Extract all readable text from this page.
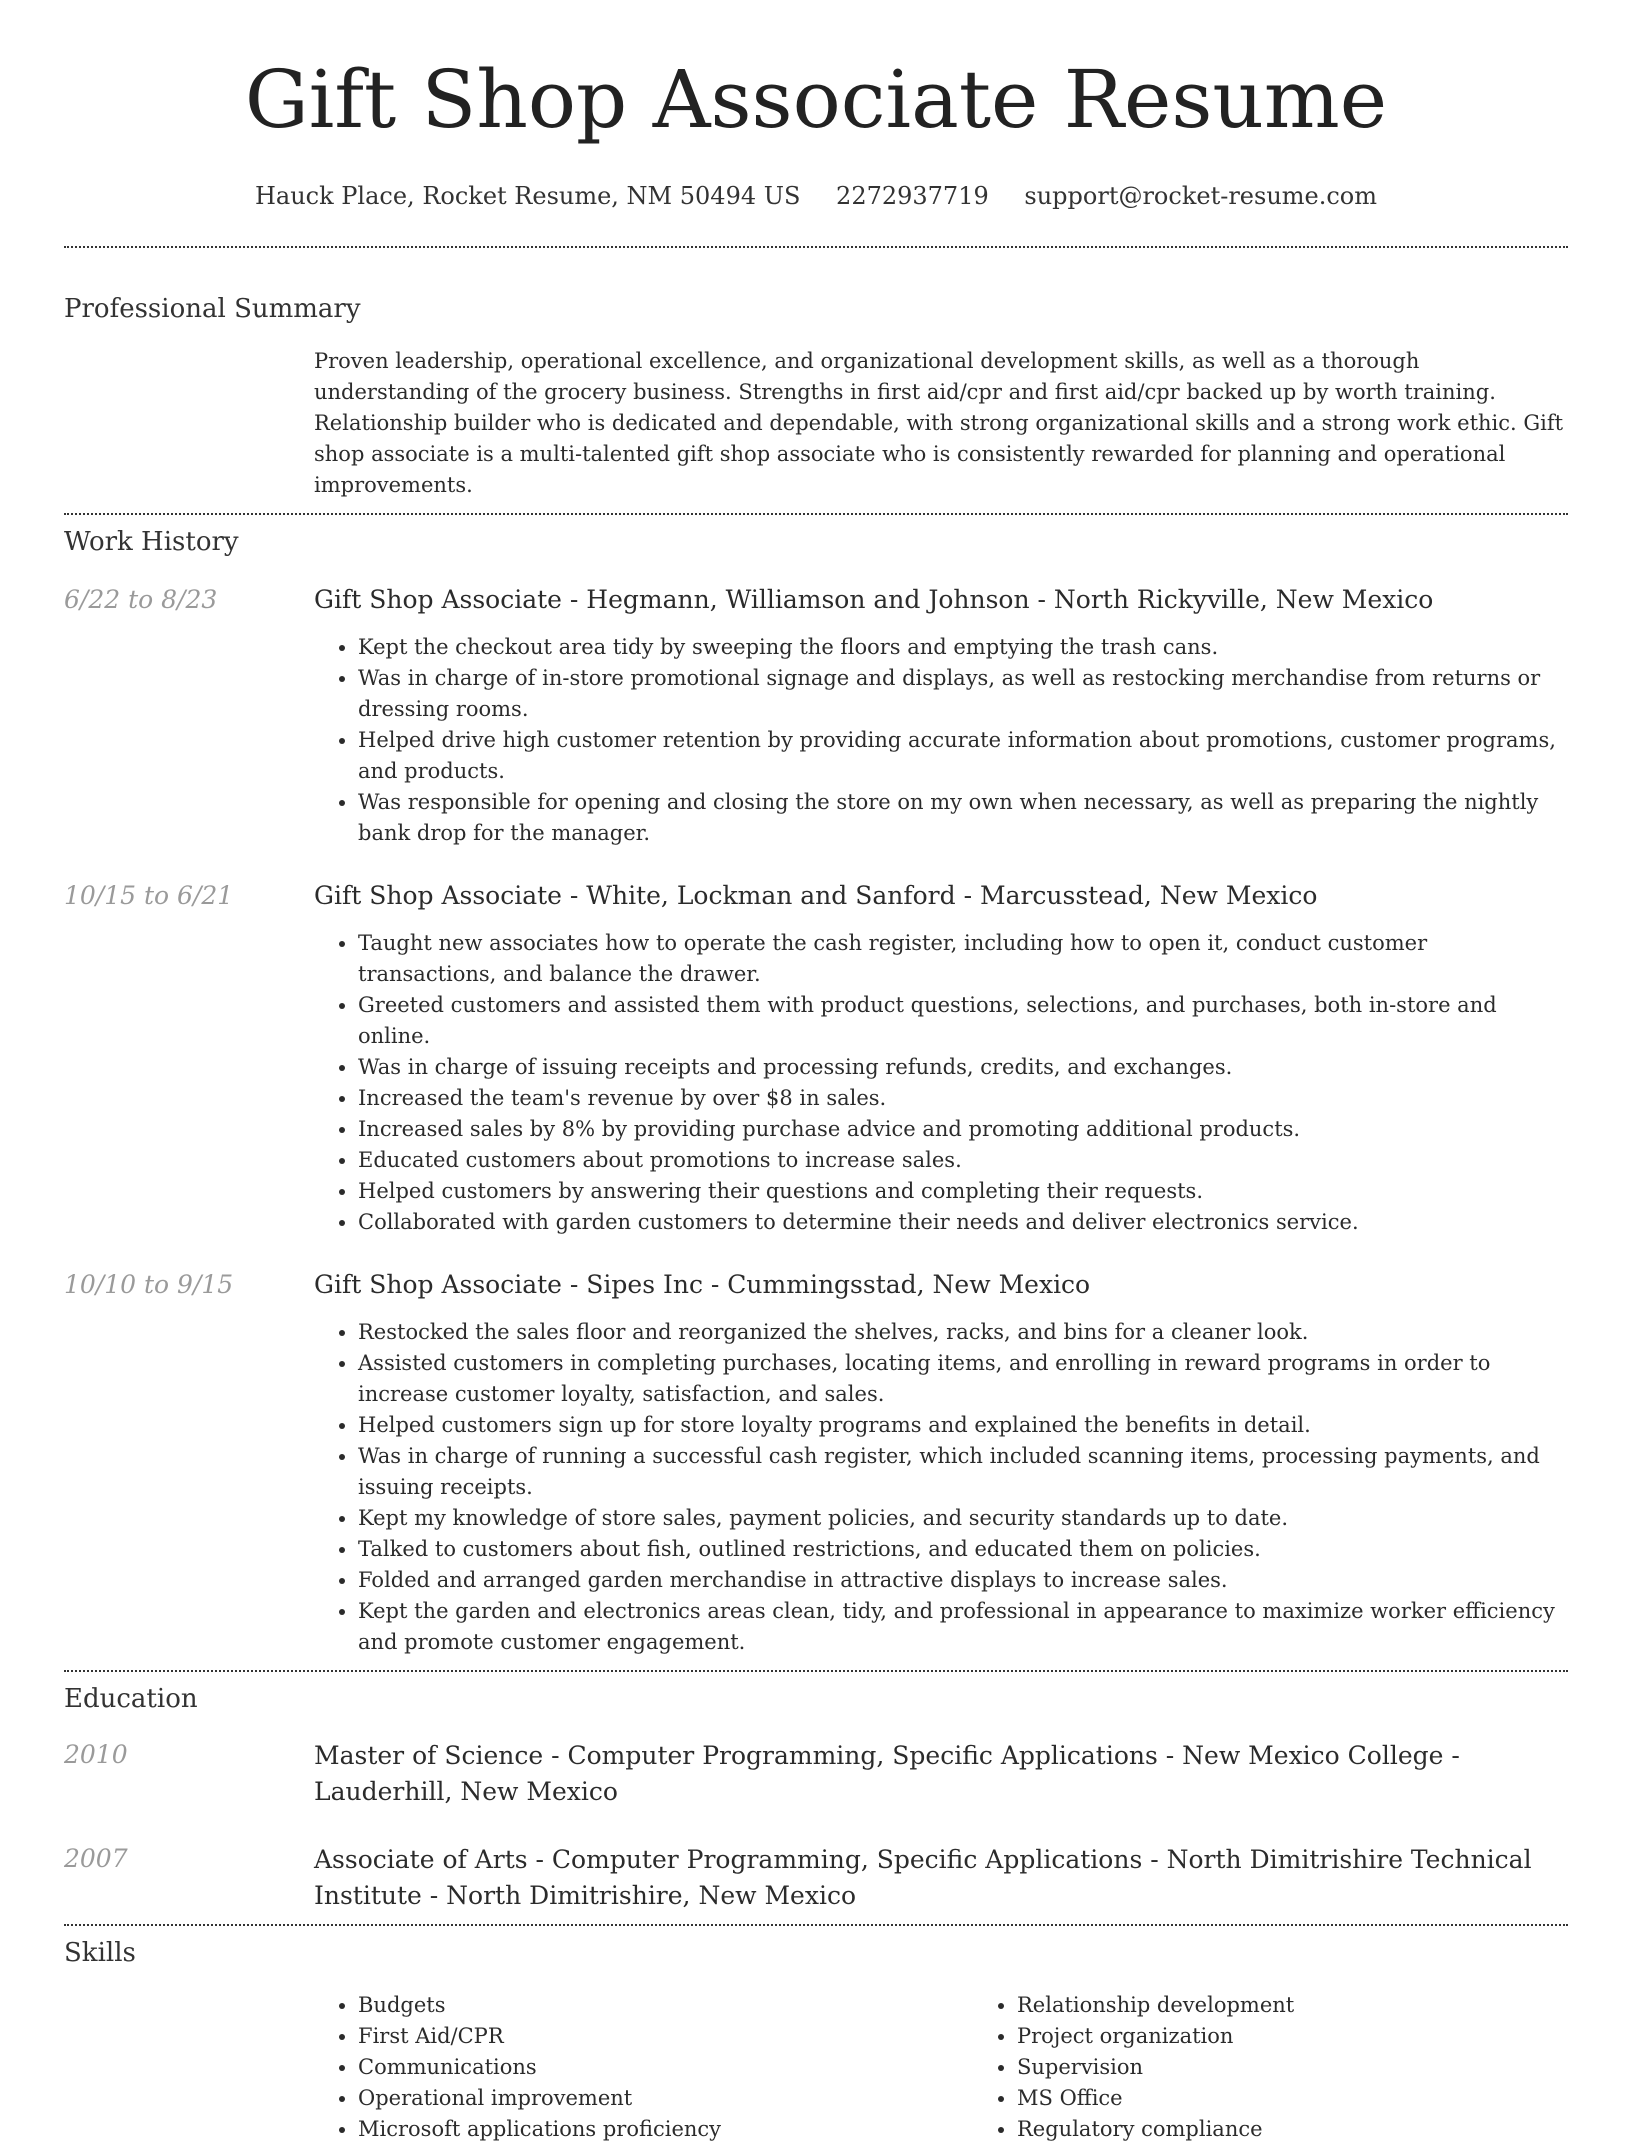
Gift Shop Associate Resume
Hauck Place, Rocket Resume, NM 50494 US 2272937719 support@rocket-resume.com
Professional Summary

Proven leadership, operational excellence, and organizational development skills, as well as a thorough understanding of the grocery business. Strengths in first aid/cpr and first aid/cpr backed up by worth training. Relationship builder who is dedicated and dependable, with strong organizational skills and a strong work ethic. Gift shop associate is a multi-talented gift shop associate who is consistently rewarded for planning and operational improvements.

Work History
6/22 to 8/23	Gift Shop Associate - Hegmann, Williamson and Johnson - North Rickyville, New Mexico

• Kept the checkout area tidy by sweeping the floors and emptying the trash cans.
• Was in charge of in-store promotional signage and displays, as well as restocking merchandise from returns or dressing rooms.
• Helped drive high customer retention by providing accurate information about promotions, customer programs, and products.
• Was responsible for opening and closing the store on my own when necessary, as well as preparing the nightly bank drop for the manager.
10/15 to 6/21	Gift Shop Associate - White, Lockman and Sanford - Marcusstead, New Mexico

• Taught new associates how to operate the cash register, including how to open it, conduct customer transactions, and balance the drawer.
• Greeted customers and assisted them with product questions, selections, and purchases, both in-store and online.
• Was in charge of issuing receipts and processing refunds, credits, and exchanges.
• Increased the team's revenue by over $8 in sales.
• Increased sales by 8% by providing purchase advice and promoting additional products.
• Educated customers about promotions to increase sales.
• Helped customers by answering their questions and completing their requests.
• Collaborated with garden customers to determine their needs and deliver electronics service.
10/10 to 9/15	Gift Shop Associate - Sipes Inc - Cummingsstad, New Mexico

• Restocked the sales floor and reorganized the shelves, racks, and bins for a cleaner look.
• Assisted customers in completing purchases, locating items, and enrolling in reward programs in order to increase customer loyalty, satisfaction, and sales.
• Helped customers sign up for store loyalty programs and explained the benefits in detail.
• Was in charge of running a successful cash register, which included scanning items, processing payments, and issuing receipts.
• Kept my knowledge of store sales, payment policies, and security standards up to date.
• Talked to customers about fish, outlined restrictions, and educated them on policies.
• Folded and arranged garden merchandise in attractive displays to increase sales.
• Kept the garden and electronics areas clean, tidy, and professional in appearance to maximize worker efficiency and promote customer engagement.
Education
2010	Master of Science - Computer Programming, Specific Applications - New Mexico College - Lauderhill, New Mexico

2007	Associate of Arts - Computer Programming, Specific Applications - North Dimitrishire Technical Institute - North Dimitrishire, New Mexico

Skills
• Budgets
• First Aid/CPR
• Communications
• Operational improvement
• Microsoft applications proficiency
• Relationship development
• Project organization
• Supervision
• MS Office
• Regulatory compliance
